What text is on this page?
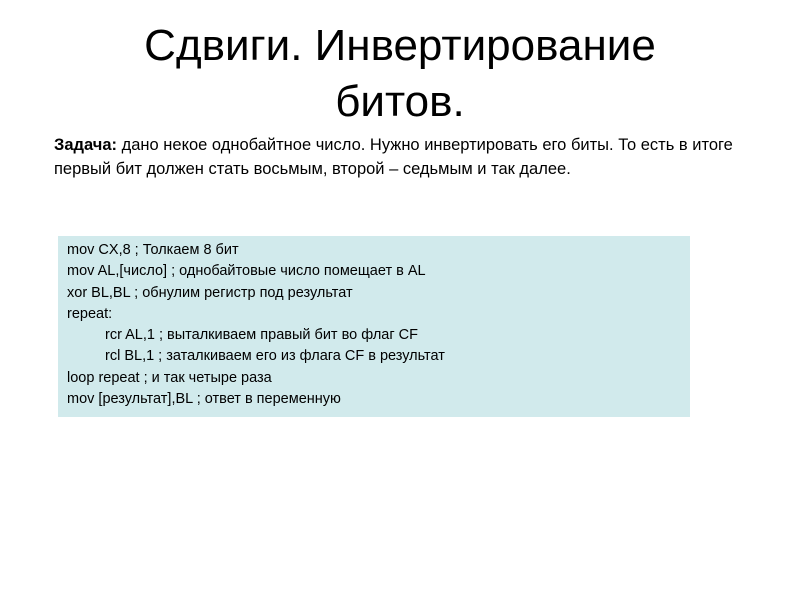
Сдвиги. Инвертирование
битов.

Задача: дано некое однобайтное число. Нужно инвертировать его биты. То есть в итоге первый бит должен стать восьмым, второй – седьмым и так далее.

mov CX,8 ; Толкаем 8 бит
mov AL,[число] ; однобайтовые число помещает в AL
xor BL,BL ; обнулим регистр под результат
repeat:
rcr AL,1 ; выталкиваем правый бит во флаг CF
rcl BL,1 ; заталкиваем его из флага CF в результат
loop repeat ; и так четыре раза
mov [результат],BL ; ответ в переменную
